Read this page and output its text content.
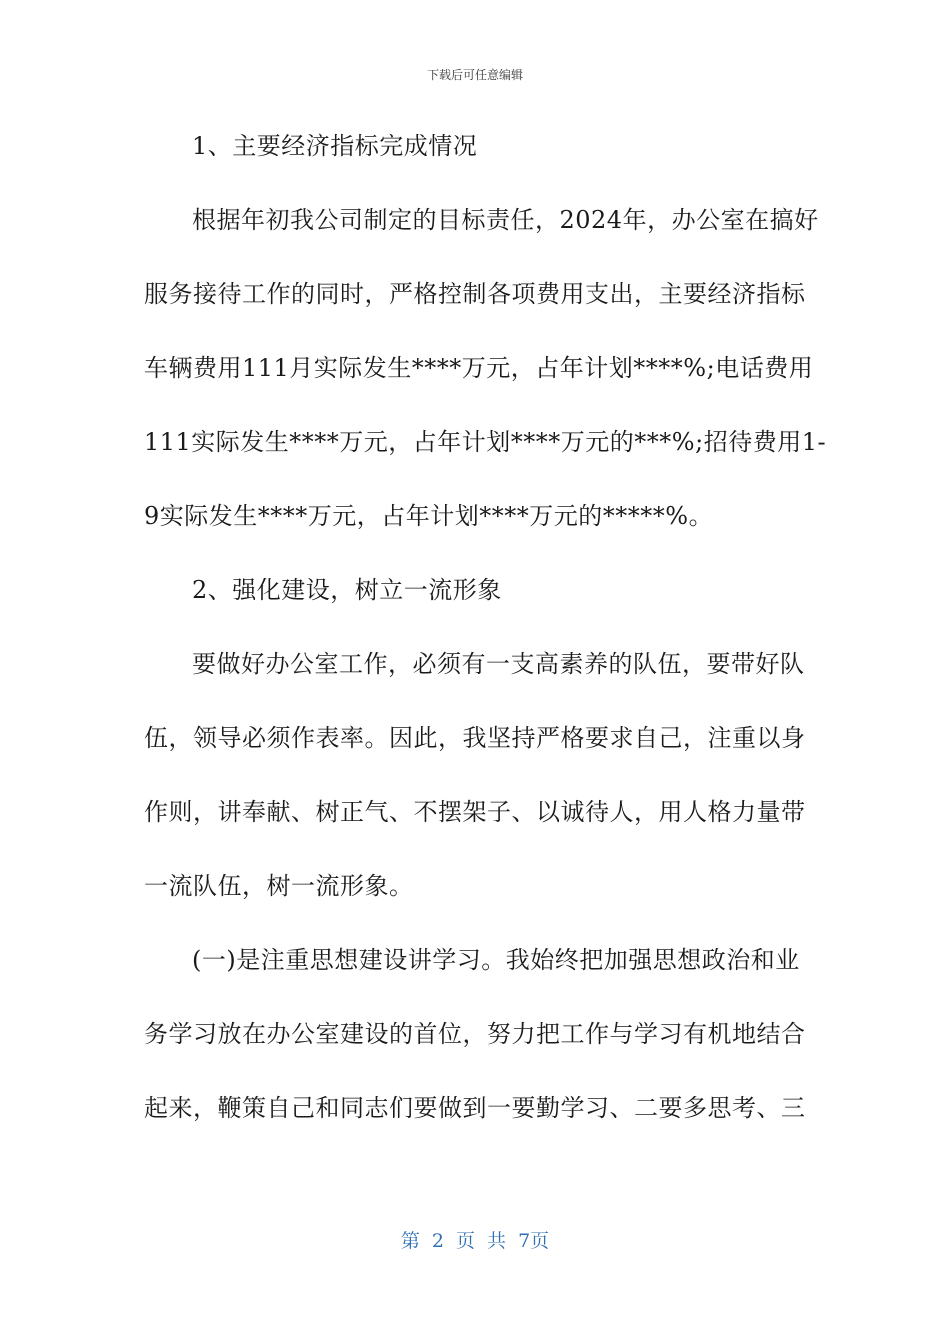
下载后可任意编辑
1、主要经济指标完成情况
根据年初我公司制定的目标责任，2024年，办公室在搞好
服务接待工作的同时，严格控制各项费用支出，主要经济指标
车辆费用111月实际发生****万元，占年计划****%;电话费用
111实际发生****万元，占年计划****万元的***%;招待费用1-
9实际发生****万元，占年计划****万元的*****%。
2、强化建设，树立一流形象
要做好办公室工作，必须有一支高素养的队伍，要带好队
伍，领导必须作表率。因此，我坚持严格要求自己，注重以身
作则，讲奉献、树正气、不摆架子、以诚待人，用人格力量带
一流队伍，树一流形象。
(一)是注重思想建设讲学习。我始终把加强思想政治和业
务学习放在办公室建设的首位，努力把工作与学习有机地结合
起来，鞭策自己和同志们要做到一要勤学习、二要多思考、三
第 2 页 共 7页
